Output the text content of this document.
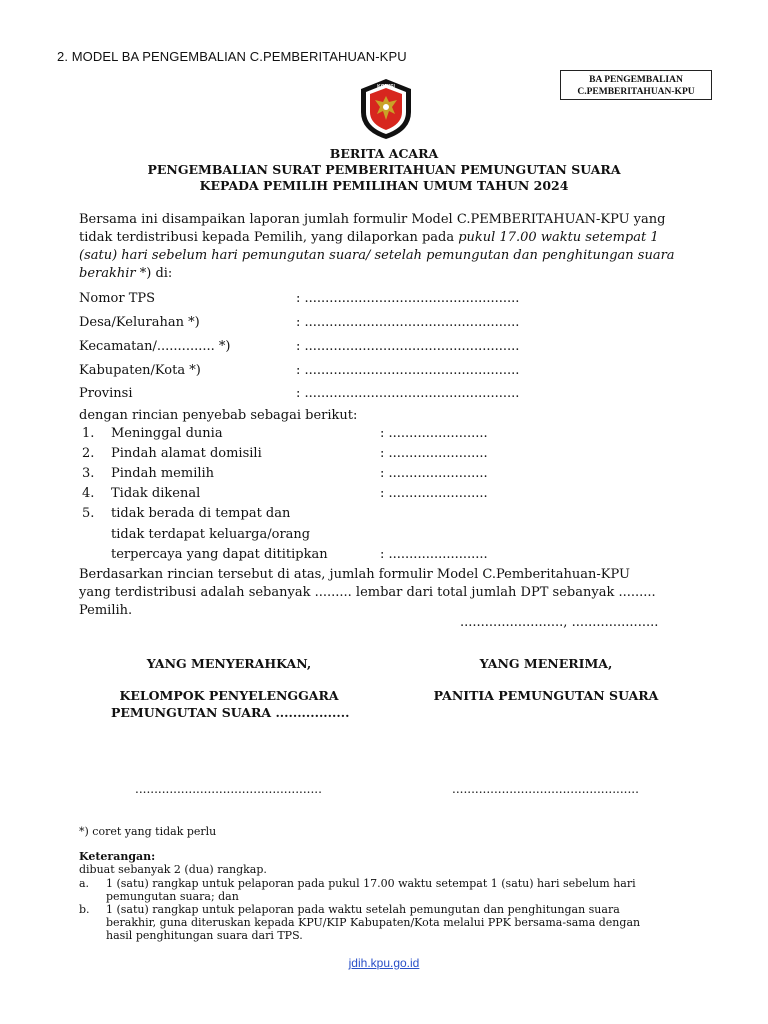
2. MODEL BA PENGEMBALIAN C.PEMBERITAHUAN-KPU
BA PENGEMBALIAN
C.PEMBERITAHUAN-KPU
KOMISI
BERITA ACARA
PENGEMBALIAN SURAT PEMBERITAHUAN PEMUNGUTAN SUARA
KEPADA PEMILIH PEMILIHAN UMUM TAHUN 2024
Bersama ini disampaikan laporan jumlah formulir Model C.PEMBERITAHUAN-KPU yang
tidak terdistribusi kepada Pemilih, yang dilaporkan pada pukul 17.00 waktu setempat 1
(satu) hari sebelum hari pemungutan suara/ setelah pemungutan dan penghitungan suara
berakhir *) di:
Nomor TPS	: ....................................................
Desa/Kelurahan *)	: ....................................................
Kecamatan/.............. *)	: ....................................................
Kabupaten/Kota *)	: ....................................................
Provinsi	: ....................................................
dengan rincian penyebab sebagai berikut:
1. Meninggal dunia	: ........................
2. Pindah alamat domisili	: ........................
3. Pindah memilih	: ........................
4. Tidak dikenal	: ........................
5. tidak berada di tempat dan
tidak terdapat keluarga/orang
terpercaya yang dapat dititipkan	: ........................
Berdasarkan rincian tersebut di atas, jumlah formulir Model C.Pemberitahuan-KPU
yang terdistribusi adalah sebanyak ......... lembar dari total jumlah DPT sebanyak .........
Pemilih.
........................., .....................
YANG MENYERAHKAN,	YANG MENERIMA,
KELOMPOK PENYELENGGARA
PEMUNGUTAN SUARA .................
PANITIA PEMUNGUTAN SUARA
.................................................	.................................................
*) coret yang tidak perlu
Keterangan:
dibuat sebanyak 2 (dua) rangkap.
a. 1 (satu) rangkap untuk pelaporan pada pukul 17.00 waktu setempat 1 (satu) hari sebelum hari
pemungutan suara; dan
b. 1 (satu) rangkap untuk pelaporan pada waktu setelah pemungutan dan penghitungan suara
berakhir, guna diteruskan kepada KPU/KIP Kabupaten/Kota melalui PPK bersama-sama dengan
hasil penghitungan suara dari TPS.
jdih.kpu.go.id
